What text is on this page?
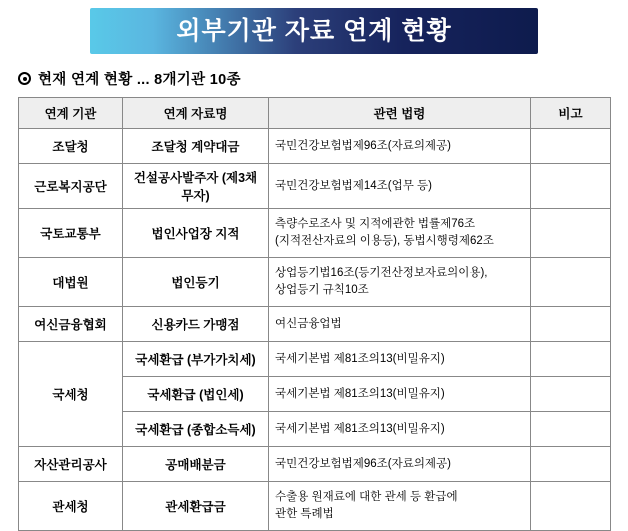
외부기관 자료 연계 현황
현재 연계 현황 ... 8개기관 10종
연계 기관	연계 자료명	관련 법령	비고
조달청	조달청 계약대금	국민건강보험법제96조(자료의제공)	

근로복지공단	건설공사발주자 (제3채무자)	국민건강보험법제14조(업무 등)	

국토교통부	법인사업장 지적	측량수로조사 및 지적에관한 법률제76조
(지적전산자료의 이용등), 동법시행령제62조	

대법원	법인등기	상업등기법16조(등기전산정보자료의이용),
상업등기 규칙10조	

여신금융협회	신용카드 가맹점	여신금융업법	

국세청	국세환급 (부가가치세)	국세기본법 제81조의13(비밀유지)	

	국세환급 (법인세)	국세기본법 제81조의13(비밀유지)	

	국세환급 (종합소득세)	국세기본법 제81조의13(비밀유지)	

자산관리공사	공매배분금	국민건강보험법제96조(자료의제공)	

관세청	관세환급금	수출용 원재료에 대한 관세 등 환급에
관한 특례법	
